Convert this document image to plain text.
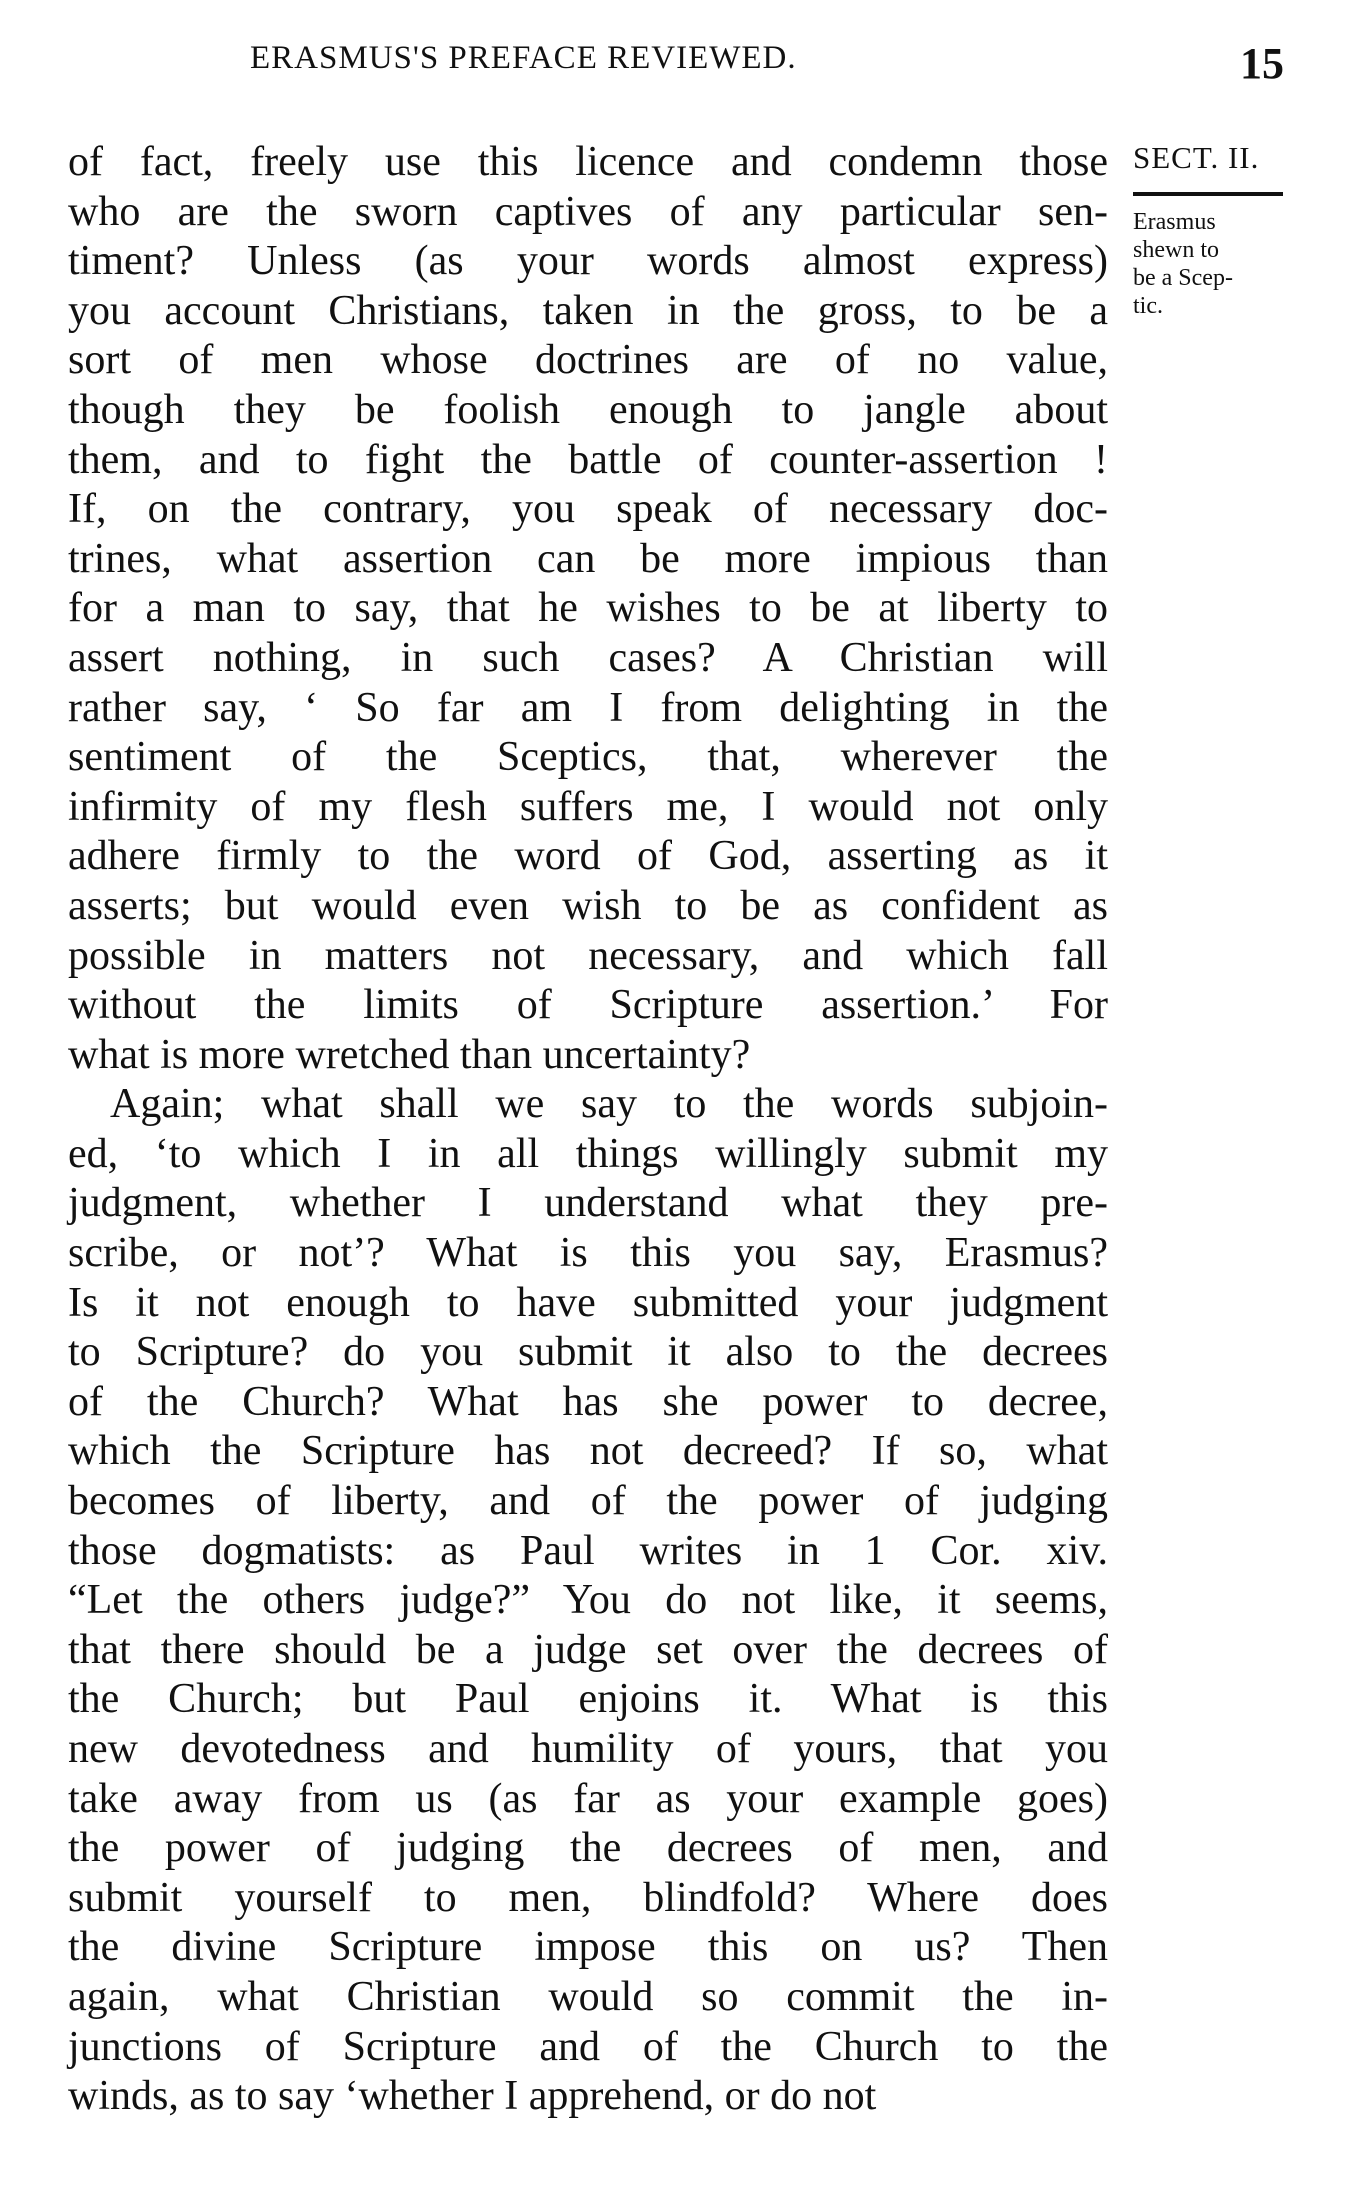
ERASMUS'S PREFACE REVIEWED.	15
SECT. II.
Erasmus
shewn to
be a Scep-
tic.
of fact, freely use this licence and condemn those
who are the sworn captives of any particular sen-
timent? Unless (as your words almost express)
you account Christians, taken in the gross, to be a
sort of men whose doctrines are of no value,
though they be foolish enough to jangle about
them, and to fight the battle of counter-assertion !
If, on the contrary, you speak of necessary doc-
trines, what assertion can be more impious than
for a man to say, that he wishes to be at liberty to
assert nothing, in such cases? A Christian will
rather say, ‘ So far am I from delighting in the
sentiment of the Sceptics, that, wherever the
infirmity of my flesh suffers me, I would not only
adhere firmly to the word of God, asserting as it
asserts; but would even wish to be as confident as
possible in matters not necessary, and which fall
without the limits of Scripture assertion.’ For
what is more wretched than uncertainty?
 Again; what shall we say to the words subjoin-
ed, ‘to which I in all things willingly submit my
judgment, whether I understand what they pre-
scribe, or not’? What is this you say, Erasmus?
Is it not enough to have submitted your judgment
to Scripture? do you submit it also to the decrees
of the Church? What has she power to decree,
which the Scripture has not decreed? If so, what
becomes of liberty, and of the power of judging
those dogmatists: as Paul writes in 1 Cor. xiv.
“Let the others judge?” You do not like, it seems,
that there should be a judge set over the decrees of
the Church; but Paul enjoins it. What is this
new devotedness and humility of yours, that you
take away from us (as far as your example goes)
the power of judging the decrees of men, and
submit yourself to men, blindfold? Where does
the divine Scripture impose this on us? Then
again, what Christian would so commit the in-
junctions of Scripture and of the Church to the
winds, as to say ‘whether I apprehend, or do not
